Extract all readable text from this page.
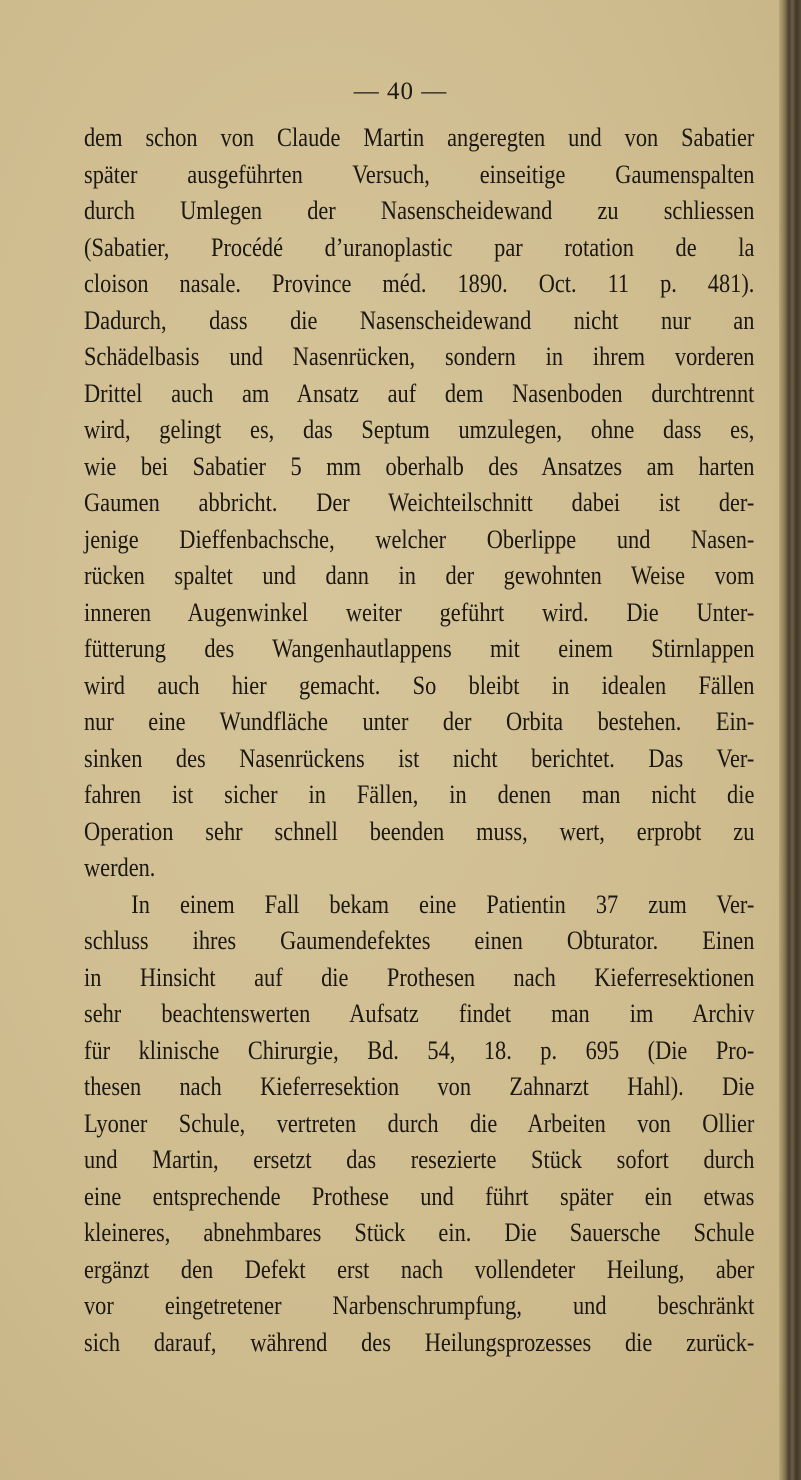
— 40 —
dem schon von Claude Martin angeregten und von Sabatier
später ausgeführten Versuch, einseitige Gaumenspalten
durch Umlegen der Nasenscheidewand zu schliessen
(Sabatier, Procédé d’uranoplastic par rotation de la
cloison nasale. Province méd. 1890. Oct. 11 p. 481).
Dadurch, dass die Nasenscheidewand nicht nur an
Schädelbasis und Nasenrücken, sondern in ihrem vorderen
Drittel auch am Ansatz auf dem Nasenboden durchtrennt
wird, gelingt es, das Septum umzulegen, ohne dass es,
wie bei Sabatier 5 mm oberhalb des Ansatzes am harten
Gaumen abbricht. Der Weichteilschnitt dabei ist der-
jenige Dieffenbachsche, welcher Oberlippe und Nasen-
rücken spaltet und dann in der gewohnten Weise vom
inneren Augenwinkel weiter geführt wird. Die Unter-
fütterung des Wangenhautlappens mit einem Stirnlappen
wird auch hier gemacht. So bleibt in idealen Fällen
nur eine Wundfläche unter der Orbita bestehen. Ein-
sinken des Nasenrückens ist nicht berichtet. Das Ver-
fahren ist sicher in Fällen, in denen man nicht die
Operation sehr schnell beenden muss, wert, erprobt zu
werden.
In einem Fall bekam eine Patientin 37 zum Ver-
schluss ihres Gaumendefektes einen Obturator. Einen
in Hinsicht auf die Prothesen nach Kieferresektionen
sehr beachtenswerten Aufsatz findet man im Archiv
für klinische Chirurgie, Bd. 54, 18. p. 695 (Die Pro-
thesen nach Kieferresektion von Zahnarzt Hahl). Die
Lyoner Schule, vertreten durch die Arbeiten von Ollier
und Martin, ersetzt das resezierte Stück sofort durch
eine entsprechende Prothese und führt später ein etwas
kleineres, abnehmbares Stück ein. Die Sauersche Schule
ergänzt den Defekt erst nach vollendeter Heilung, aber
vor eingetretener Narbenschrumpfung, und beschränkt
sich darauf, während des Heilungsprozesses die zurück-
